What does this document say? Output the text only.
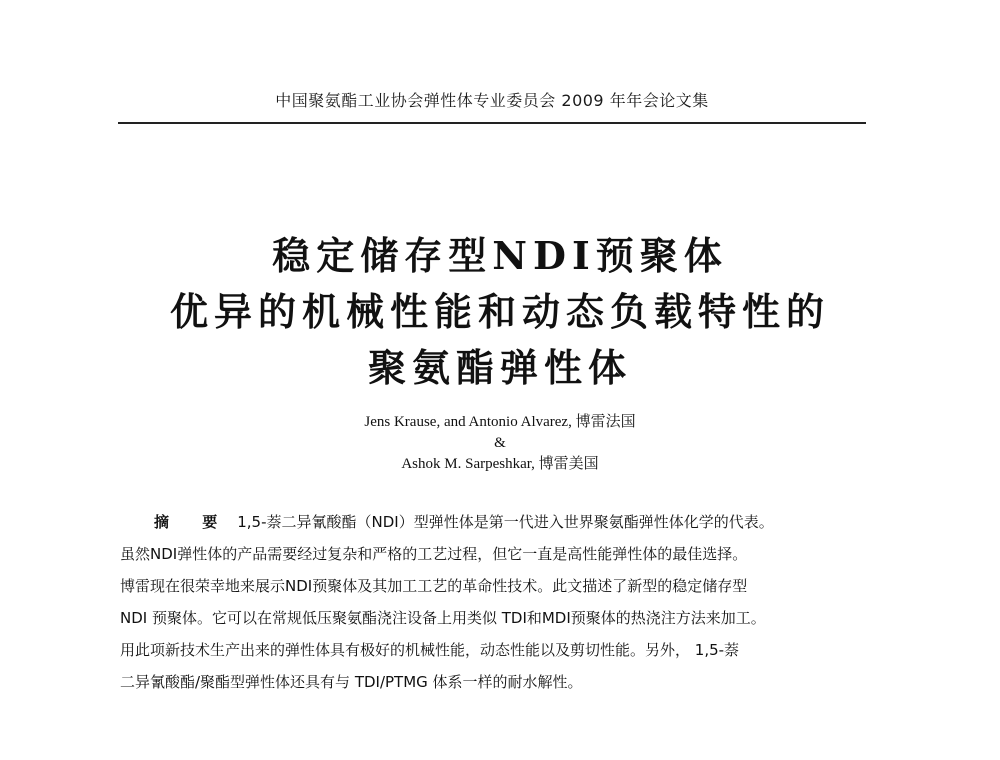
中国聚氨酯工业协会弹性体专业委员会 2009 年年会论文集
稳定储存型NDI预聚体
优异的机械性能和动态负载特性的
聚氨酯弹性体
Jens Krause, and Antonio Alvarez, 博雷法国
&
Ashok M. Sarpeshkar, 博雷美国
摘 要 1,5-萘二异氰酸酯（NDI）型弹性体是第一代进入世界聚氨酯弹性体化学的代表。
虽然NDI弹性体的产品需要经过复杂和严格的工艺过程，但它一直是高性能弹性体的最佳选择。
博雷现在很荣幸地来展示NDI预聚体及其加工工艺的革命性技术。此文描述了新型的稳定储存型
NDI 预聚体。它可以在常规低压聚氨酯浇注设备上用类似 TDI和MDI预聚体的热浇注方法来加工。
用此项新技术生产出来的弹性体具有极好的机械性能，动态性能以及剪切性能。另外， 1,5-萘
二异氰酸酯/聚酯型弹性体还具有与 TDI/PTMG 体系一样的耐水解性。
